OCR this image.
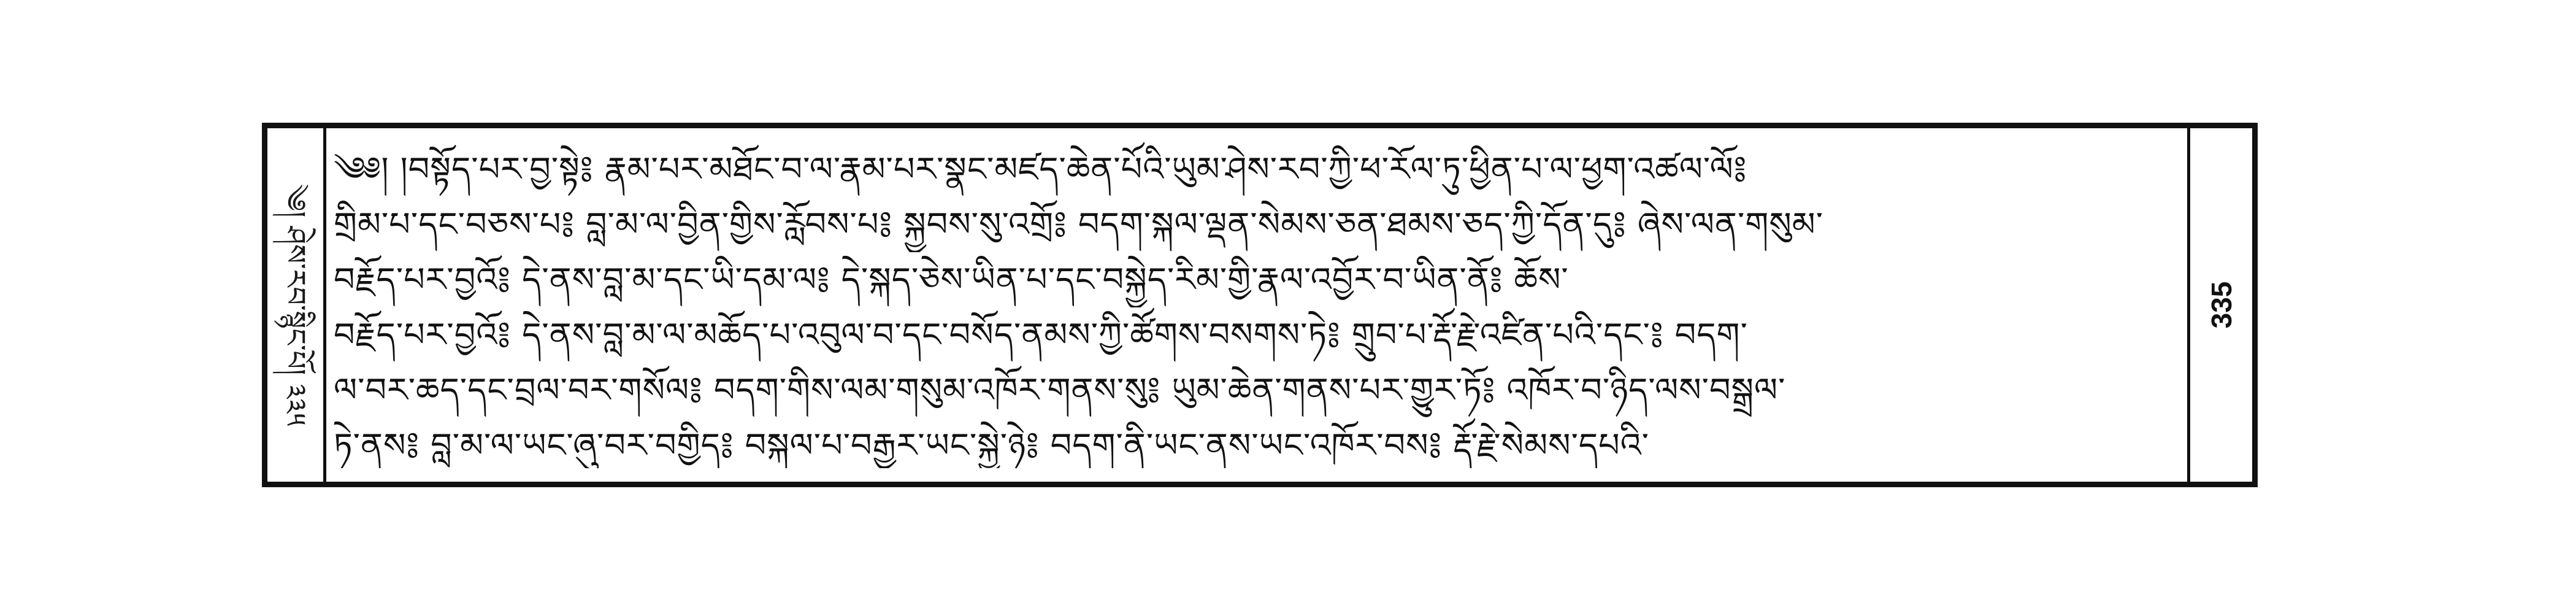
༄། ཤེས་རབ་སྙིང་པོ། ༣༣༥
༄༅། །བསྟོད་པར་བྱ་སྟེ༔ རྣམ་པར་མཐོང་བ་ལ་རྣམ་པར་སྣང་མཛད་ཆེན་པོའི་ཡུམ་ཤེས་རབ་ཀྱི་ཕ་རོལ་ཏུ་ཕྱིན་པ་ལ་ཕྱག་འཚལ་ལོ༔
གྲིམ་པ་དང་བཅས་པ༔ བླ་མ་ལ་བྱིན་གྱིས་རློབས་པ༔ སྐྱབས་སུ་འགྲོ༔ བདག་སྐལ་ལྡན་སེམས་ཅན་ཐམས་ཅད་ཀྱི་དོན་དུ༔ ཞེས་ལན་གསུམ་
བརྗོད་པར་བྱའོ༔ དེ་ནས་བླ་མ་དང་ཡི་དམ་ལ༔ དེ་སྐད་ཅེས་ཡིན་པ་དང་བསྐྱེད་རིམ་གྱི་རྣལ་འབྱོར་བ་ཡིན་ནོ༔ ཆོས་
བརྗོད་པར་བྱའོ༔ དེ་ནས་བླ་མ་ལ་མཆོད་པ་འབུལ་བ་དང་བསོད་ནམས་ཀྱི་ཚོགས་བསགས་ཏེ༔ གྲུབ་པ་རྡོ་རྗེ་འཛིན་པའི་དང་༔ བདག་
ལ་བར་ཆད་དང་བྲལ་བར་གསོལ༔ བདག་གིས་ལམ་གསུམ་འཁོར་གནས་སུ༔ ཡུམ་ཆེན་གནས་པར་གྱུར་ཏོ༔ འཁོར་བ་ཉིད་ལས་བསྒྲལ་
ཏེ་ནས༔ བླ་མ་ལ་ཡང་ཞུ་བར་བགྱིད༔ བསྐལ་པ་བརྒྱར་ཡང་སྐྱེ་ཉེ༔ བདག་ནི་ཡང་ནས་ཡང་འཁོར་བས༔ རྡོ་རྗེ་སེམས་དཔའི་
335
